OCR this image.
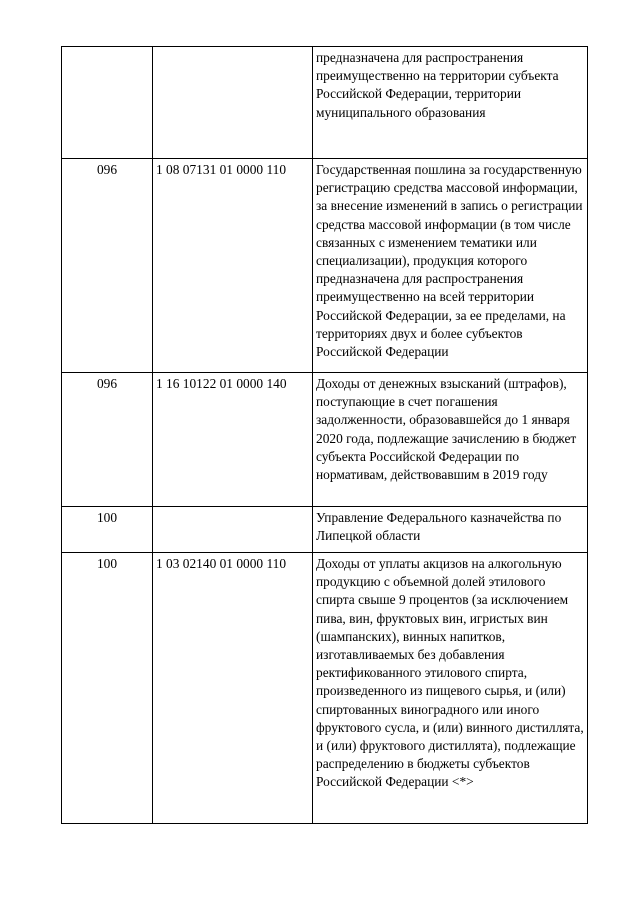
		предназначена для распространения преимущественно на территории субъекта Российской Федерации, территории муниципального образования
096	1 08 07131 01 0000 110	Государственная пошлина за государственную регистрацию средства массовой информации, за внесение изменений в запись о регистрации средства массовой информации (в том числе связанных с изменением тематики или специализации), продукция которого предназначена для распространения преимущественно на всей территории Российской Федерации, за ее пределами, на территориях двух и более субъектов Российской Федерации
096	1 16 10122 01 0000 140	Доходы от денежных взысканий (штрафов), поступающие в счет погашения задолженности, образовавшейся до 1 января 2020 года, подлежащие зачислению в бюджет субъекта Российской Федерации по нормативам, действовавшим в 2019 году
100		Управление Федерального казначейства по Липецкой области
100	1 03 02140 01 0000 110	Доходы от уплаты акцизов на алкогольную продукцию с объемной долей этилового спирта свыше 9 процентов (за исключением пива, вин, фруктовых вин, игристых вин (шампанских), винных напитков, изготавливаемых без добавления ректификованного этилового спирта, произведенного из пищевого сырья, и (или) спиртованных виноградного или иного фруктового сусла, и (или) винного дистиллята, и (или) фруктового дистиллята), подлежащие распределению в бюджеты субъектов Российской Федерации <*>
